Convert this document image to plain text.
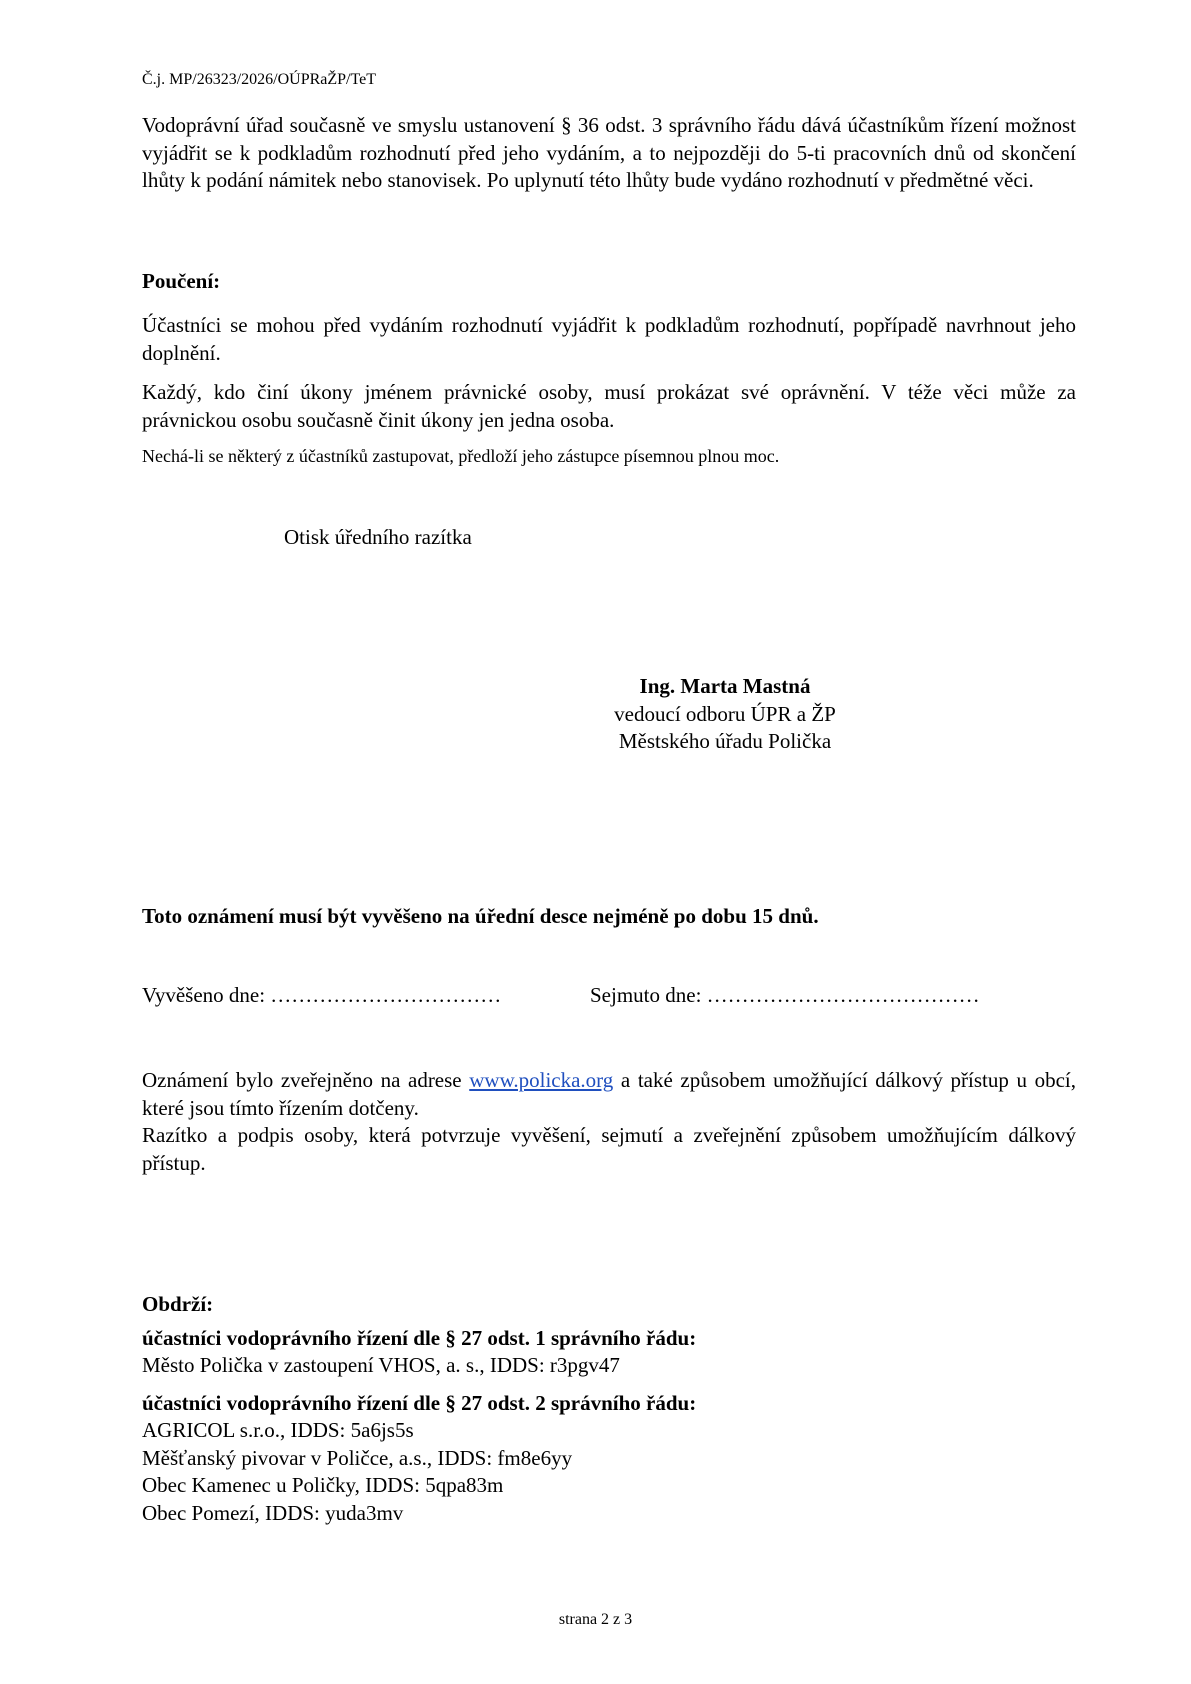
Č.j. MP/26323/2026/OÚPRaŽP/TeT

Vodoprávní úřad současně ve smyslu ustanovení § 36 odst. 3 správního řádu dává účastníkům řízení možnost vyjádřit se k podkladům rozhodnutí před jeho vydáním, a to nejpozději do 5-ti pracovních dnů od skončení lhůty k podání námitek nebo stanovisek. Po uplynutí této lhůty bude vydáno rozhodnutí v předmětné věci.

Poučení:

Účastníci se mohou před vydáním rozhodnutí vyjádřit k podkladům rozhodnutí, popřípadě navrhnout jeho doplnění.

Každý, kdo činí úkony jménem právnické osoby, musí prokázat své oprávnění. V téže věci může za právnickou osobu současně činit úkony jen jedna osoba.

Nechá-li se některý z účastníků zastupovat, předloží jeho zástupce písemnou plnou moc.

Otisk úředního razítka
Ing. Marta Mastná
vedoucí odboru ÚPR a ŽP
Městského úřadu Polička
Toto oznámení musí být vyvěšeno na úřední desce nejméně po dobu 15 dnů.
Vyvěšeno dne: ……………………………	Sejmuto dne: …………………………………

Oznámení bylo zveřejněno na adrese www.policka.org a také způsobem umožňující dálkový přístup u obcí, které jsou tímto řízením dotčeny.

Razítko a podpis osoby, která potvrzuje vyvěšení, sejmutí a zveřejnění způsobem umožňujícím dálkový přístup.

Obdrží:
účastníci vodoprávního řízení dle § 27 odst. 1 správního řádu:
Město Polička v zastoupení VHOS, a. s., IDDS: r3pgv47
účastníci vodoprávního řízení dle § 27 odst. 2 správního řádu:
AGRICOL s.r.o., IDDS: 5a6js5s
Měšťanský pivovar v Poličce, a.s., IDDS: fm8e6yy
Obec Kamenec u Poličky, IDDS: 5qpa83m
Obec Pomezí, IDDS: yuda3mv
strana 2 z 3
